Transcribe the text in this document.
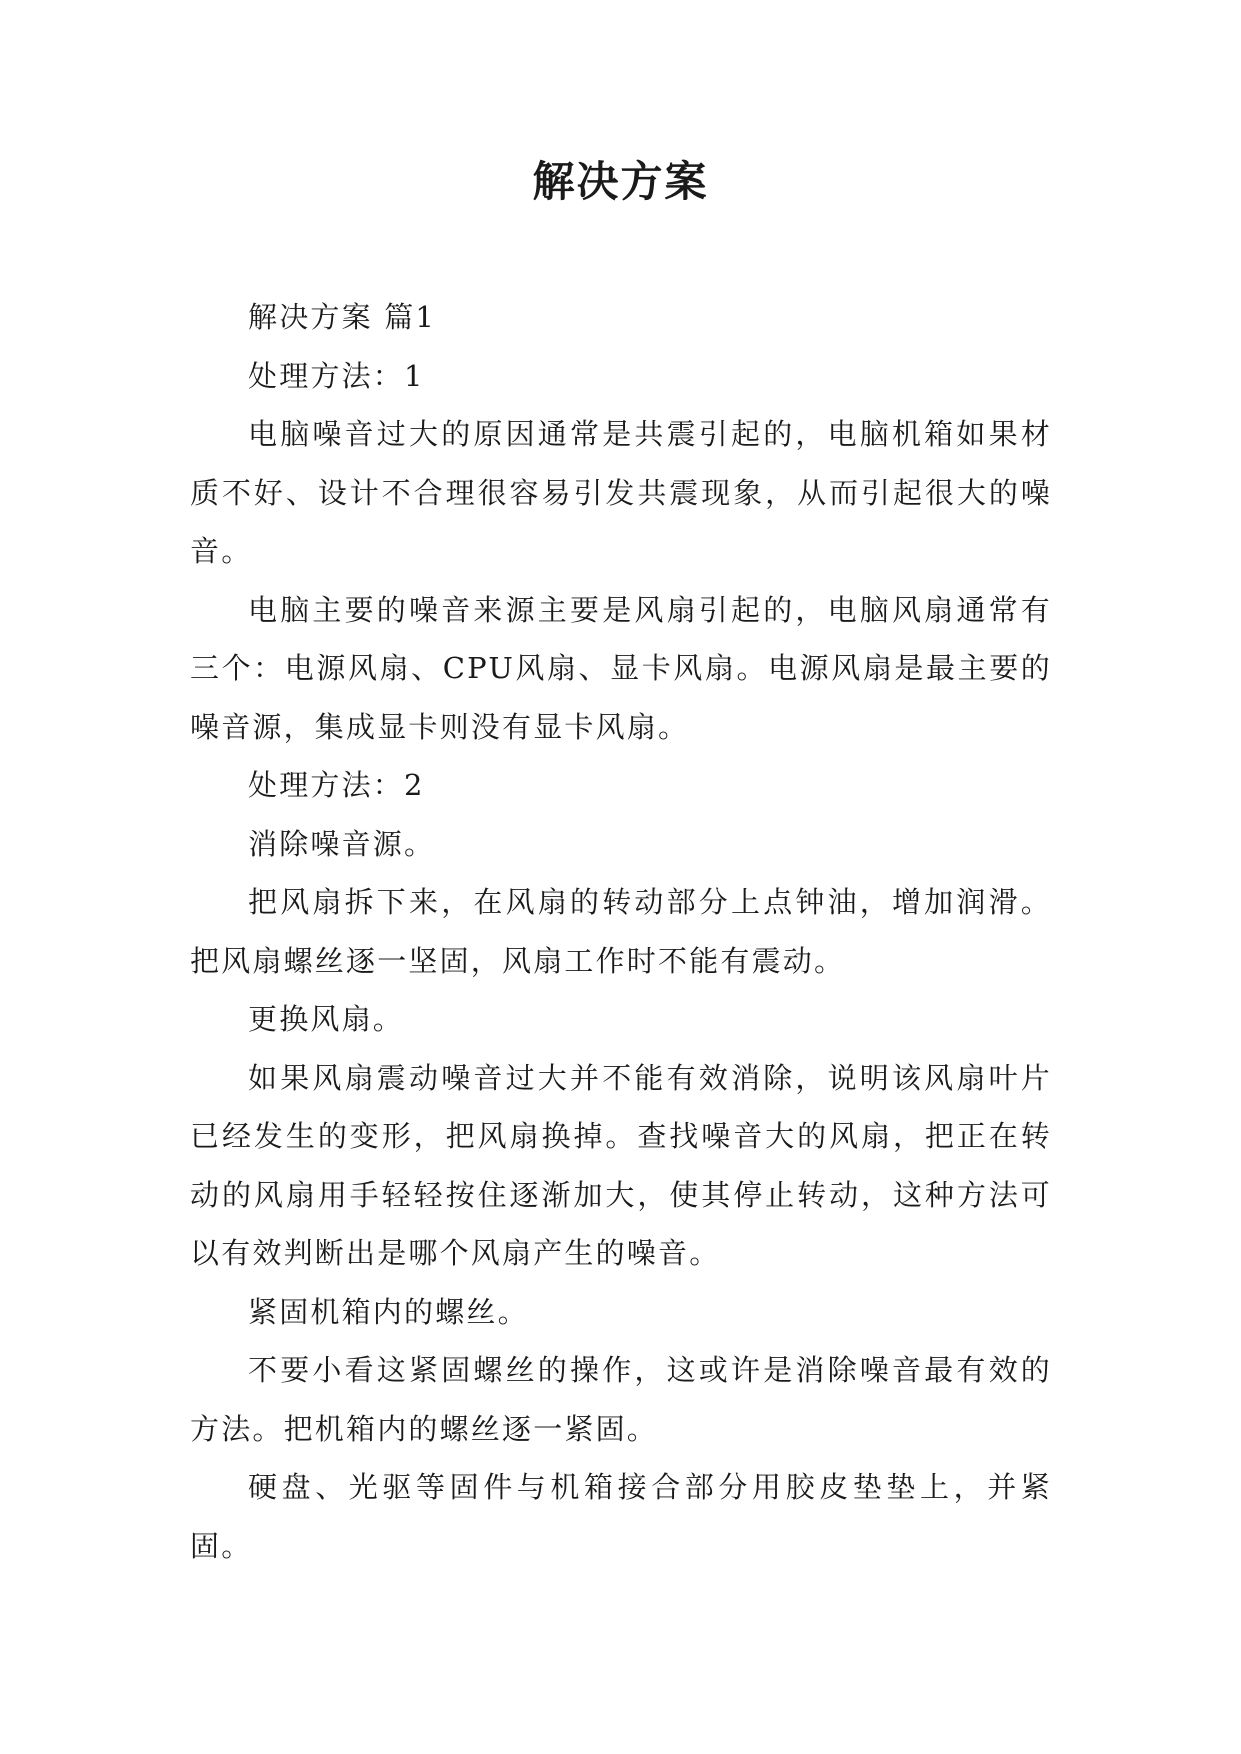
解决方案

解决方案 篇1

处理方法：1

电脑噪音过大的原因通常是共震引起的，电脑机箱如果材质不好、设计不合理很容易引发共震现象，从而引起很大的噪音。

电脑主要的噪音来源主要是风扇引起的，电脑风扇通常有三个：电源风扇、CPU风扇、显卡风扇。电源风扇是最主要的噪音源，集成显卡则没有显卡风扇。

处理方法：2

消除噪音源。

把风扇拆下来，在风扇的转动部分上点钟油，增加润滑。把风扇螺丝逐一坚固，风扇工作时不能有震动。

更换风扇。

如果风扇震动噪音过大并不能有效消除，说明该风扇叶片已经发生的变形，把风扇换掉。查找噪音大的风扇，把正在转动的风扇用手轻轻按住逐渐加大，使其停止转动，这种方法可以有效判断出是哪个风扇产生的噪音。

紧固机箱内的螺丝。

不要小看这紧固螺丝的操作，这或许是消除噪音最有效的方法。把机箱内的螺丝逐一紧固。

硬盘、光驱等固件与机箱接合部分用胶皮垫垫上，并紧固。
